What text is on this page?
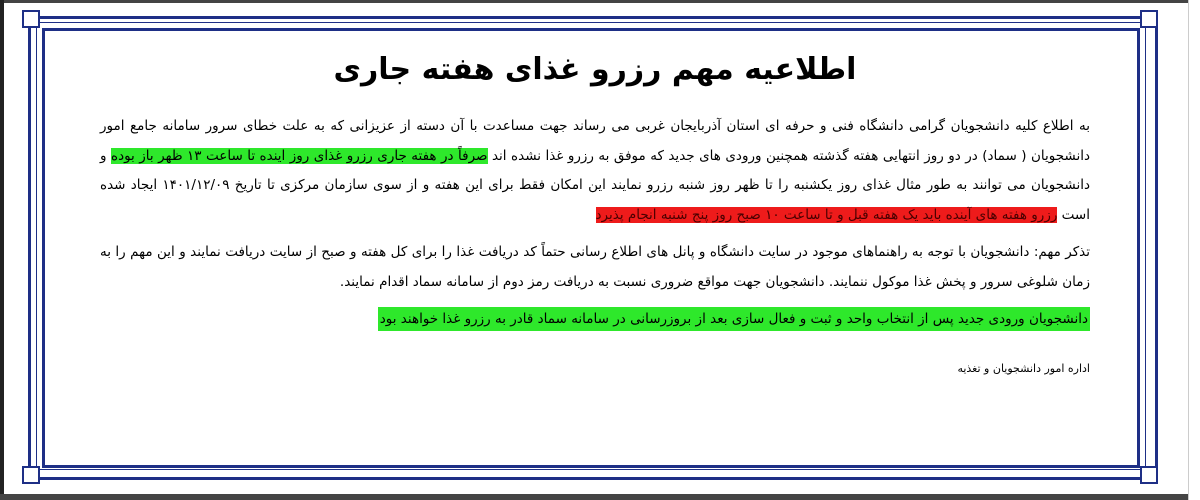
اطلاعیه مهم رزرو غذای هفته جاری

به اطلاع کلیه دانشجویان گرامی دانشگاه فنی و حرفه ای استان آذربایجان غربی می رساند جهت مساعدت با آن دسته از عزیزانی که به علت خطای سرور سامانه جامع امور دانشجویان ( سماد) در دو روز انتهایی هفته گذشته همچنین ورودی های جدید که موفق به رزرو غذا نشده اند صرفاً در هفته جاری رزرو غذای روز اینده تا ساعت ۱۳ ظهر باز بوده و دانشجویان می توانند به طور مثال غذای روز یکشنبه را تا ظهر روز شنبه رزرو نمایند این امکان فقط برای این هفته و از سوی سازمان مرکزی تا تاریخ ۱۴۰۱/۱۲/۰۹ ایجاد شده است رزرو هفته های آینده باید یک هفته قبل و تا ساعت ۱۰ صبح روز پنج شنبه انجام پذیرد

تذکر مهم: دانشجویان با توجه به راهنماهای موجود در سایت دانشگاه و پانل های اطلاع رسانی حتماً کد دریافت غذا را برای کل هفته و صبح از سایت دریافت نمایند و این مهم را به زمان شلوغی سرور و پخش غذا موکول ننمایند. دانشجویان جهت مواقع ضروری نسبت به دریافت رمز دوم از سامانه سماد اقدام نمایند.

دانشجویان ورودی جدید پس از انتخاب واحد و ثبت و فعال سازی بعد از بروزرسانی در سامانه سماد قادر به رزرو غذا خواهند بود
اداره امور دانشجویان و تغذیه
